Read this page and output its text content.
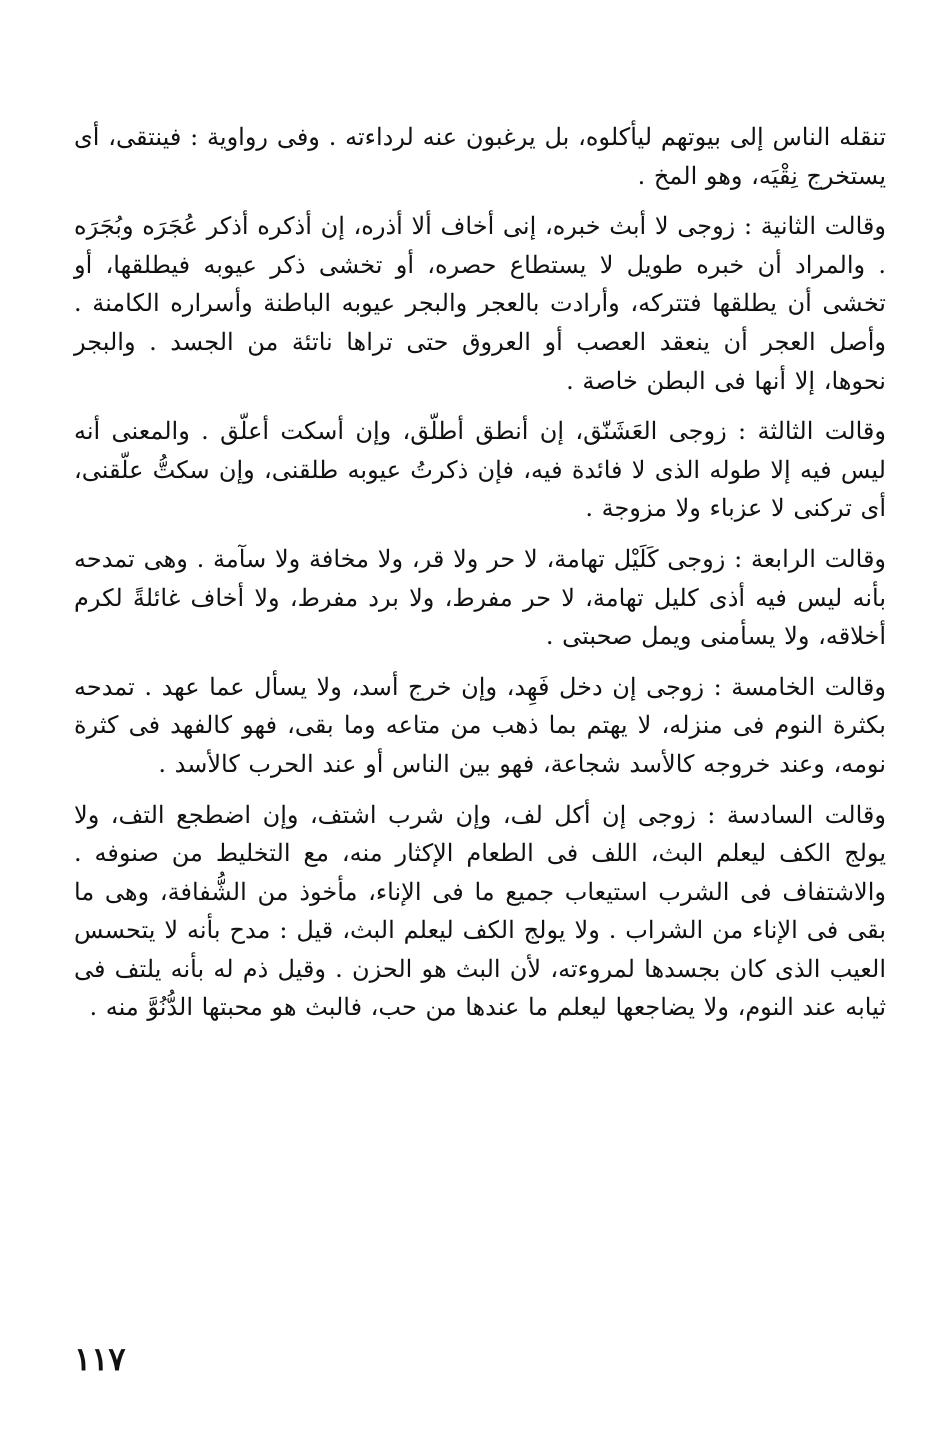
تنقله الناس إلى بيوتهم ليأكلوه، بل يرغبون عنه لرداءته . وفى رواوية : فينتقى، أى يستخرج نِقْيَه، وهو المخ .

وقالت الثانية : زوجى لا أبث خبره، إنى أخاف ألا أذره، إن أذكره أذكر عُجَرَه وبُجَرَه . والمراد أن خبره طويل لا يستطاع حصره، أو تخشى ذكر عيوبه فيطلقها، أو تخشى أن يطلقها فتتركه، وأرادت بالعجر والبجر عيوبه الباطنة وأسراره الكامنة . وأصل العجر أن ينعقد العصب أو العروق حتى تراها ناتئة من الجسد . والبجر نحوها، إلا أنها فى البطن خاصة .

وقالت الثالثة : زوجى العَشَنّق، إن أنطق أطلّق، وإن أسكت أعلّق . والمعنى أنه ليس فيه إلا طوله الذى لا فائدة فيه، فإن ذكرتُ عيوبه طلقنى، وإن سكتُّ علّقنى، أى تركنى لا عزباء ولا مزوجة .

وقالت الرابعة : زوجى كَلَيْل تهامة، لا حر ولا قر، ولا مخافة ولا سآمة . وهى تمدحه بأنه ليس فيه أذى كليل تهامة، لا حر مفرط، ولا برد مفرط، ولا أخاف غائلةً لكرم أخلاقه، ولا يسأمنى ويمل صحبتى .

وقالت الخامسة : زوجى إن دخل فَهِد، وإن خرج أسد، ولا يسأل عما عهد . تمدحه بكثرة النوم فى منزله، لا يهتم بما ذهب من متاعه وما بقى، فهو كالفهد فى كثرة نومه، وعند خروجه كالأسد شجاعة، فهو بين الناس أو عند الحرب كالأسد .

وقالت السادسة : زوجى إن أكل لف، وإن شرب اشتف، وإن اضطجع التف، ولا يولج الكف ليعلم البث، اللف فى الطعام الإكثار منه، مع التخليط من صنوفه . والاشتفاف فى الشرب استيعاب جميع ما فى الإناء، مأخوذ من الشُّفافة، وهى ما بقى فى الإناء من الشراب . ولا يولج الكف ليعلم البث، قيل : مدح بأنه لا يتحسس العيب الذى كان بجسدها لمروءته، لأن البث هو الحزن . وقيل ذم له بأنه يلتف فى ثيابه عند النوم، ولا يضاجعها ليعلم ما عندها من حب، فالبث هو محبتها الدُّنُوَّ منه .

١١٧
